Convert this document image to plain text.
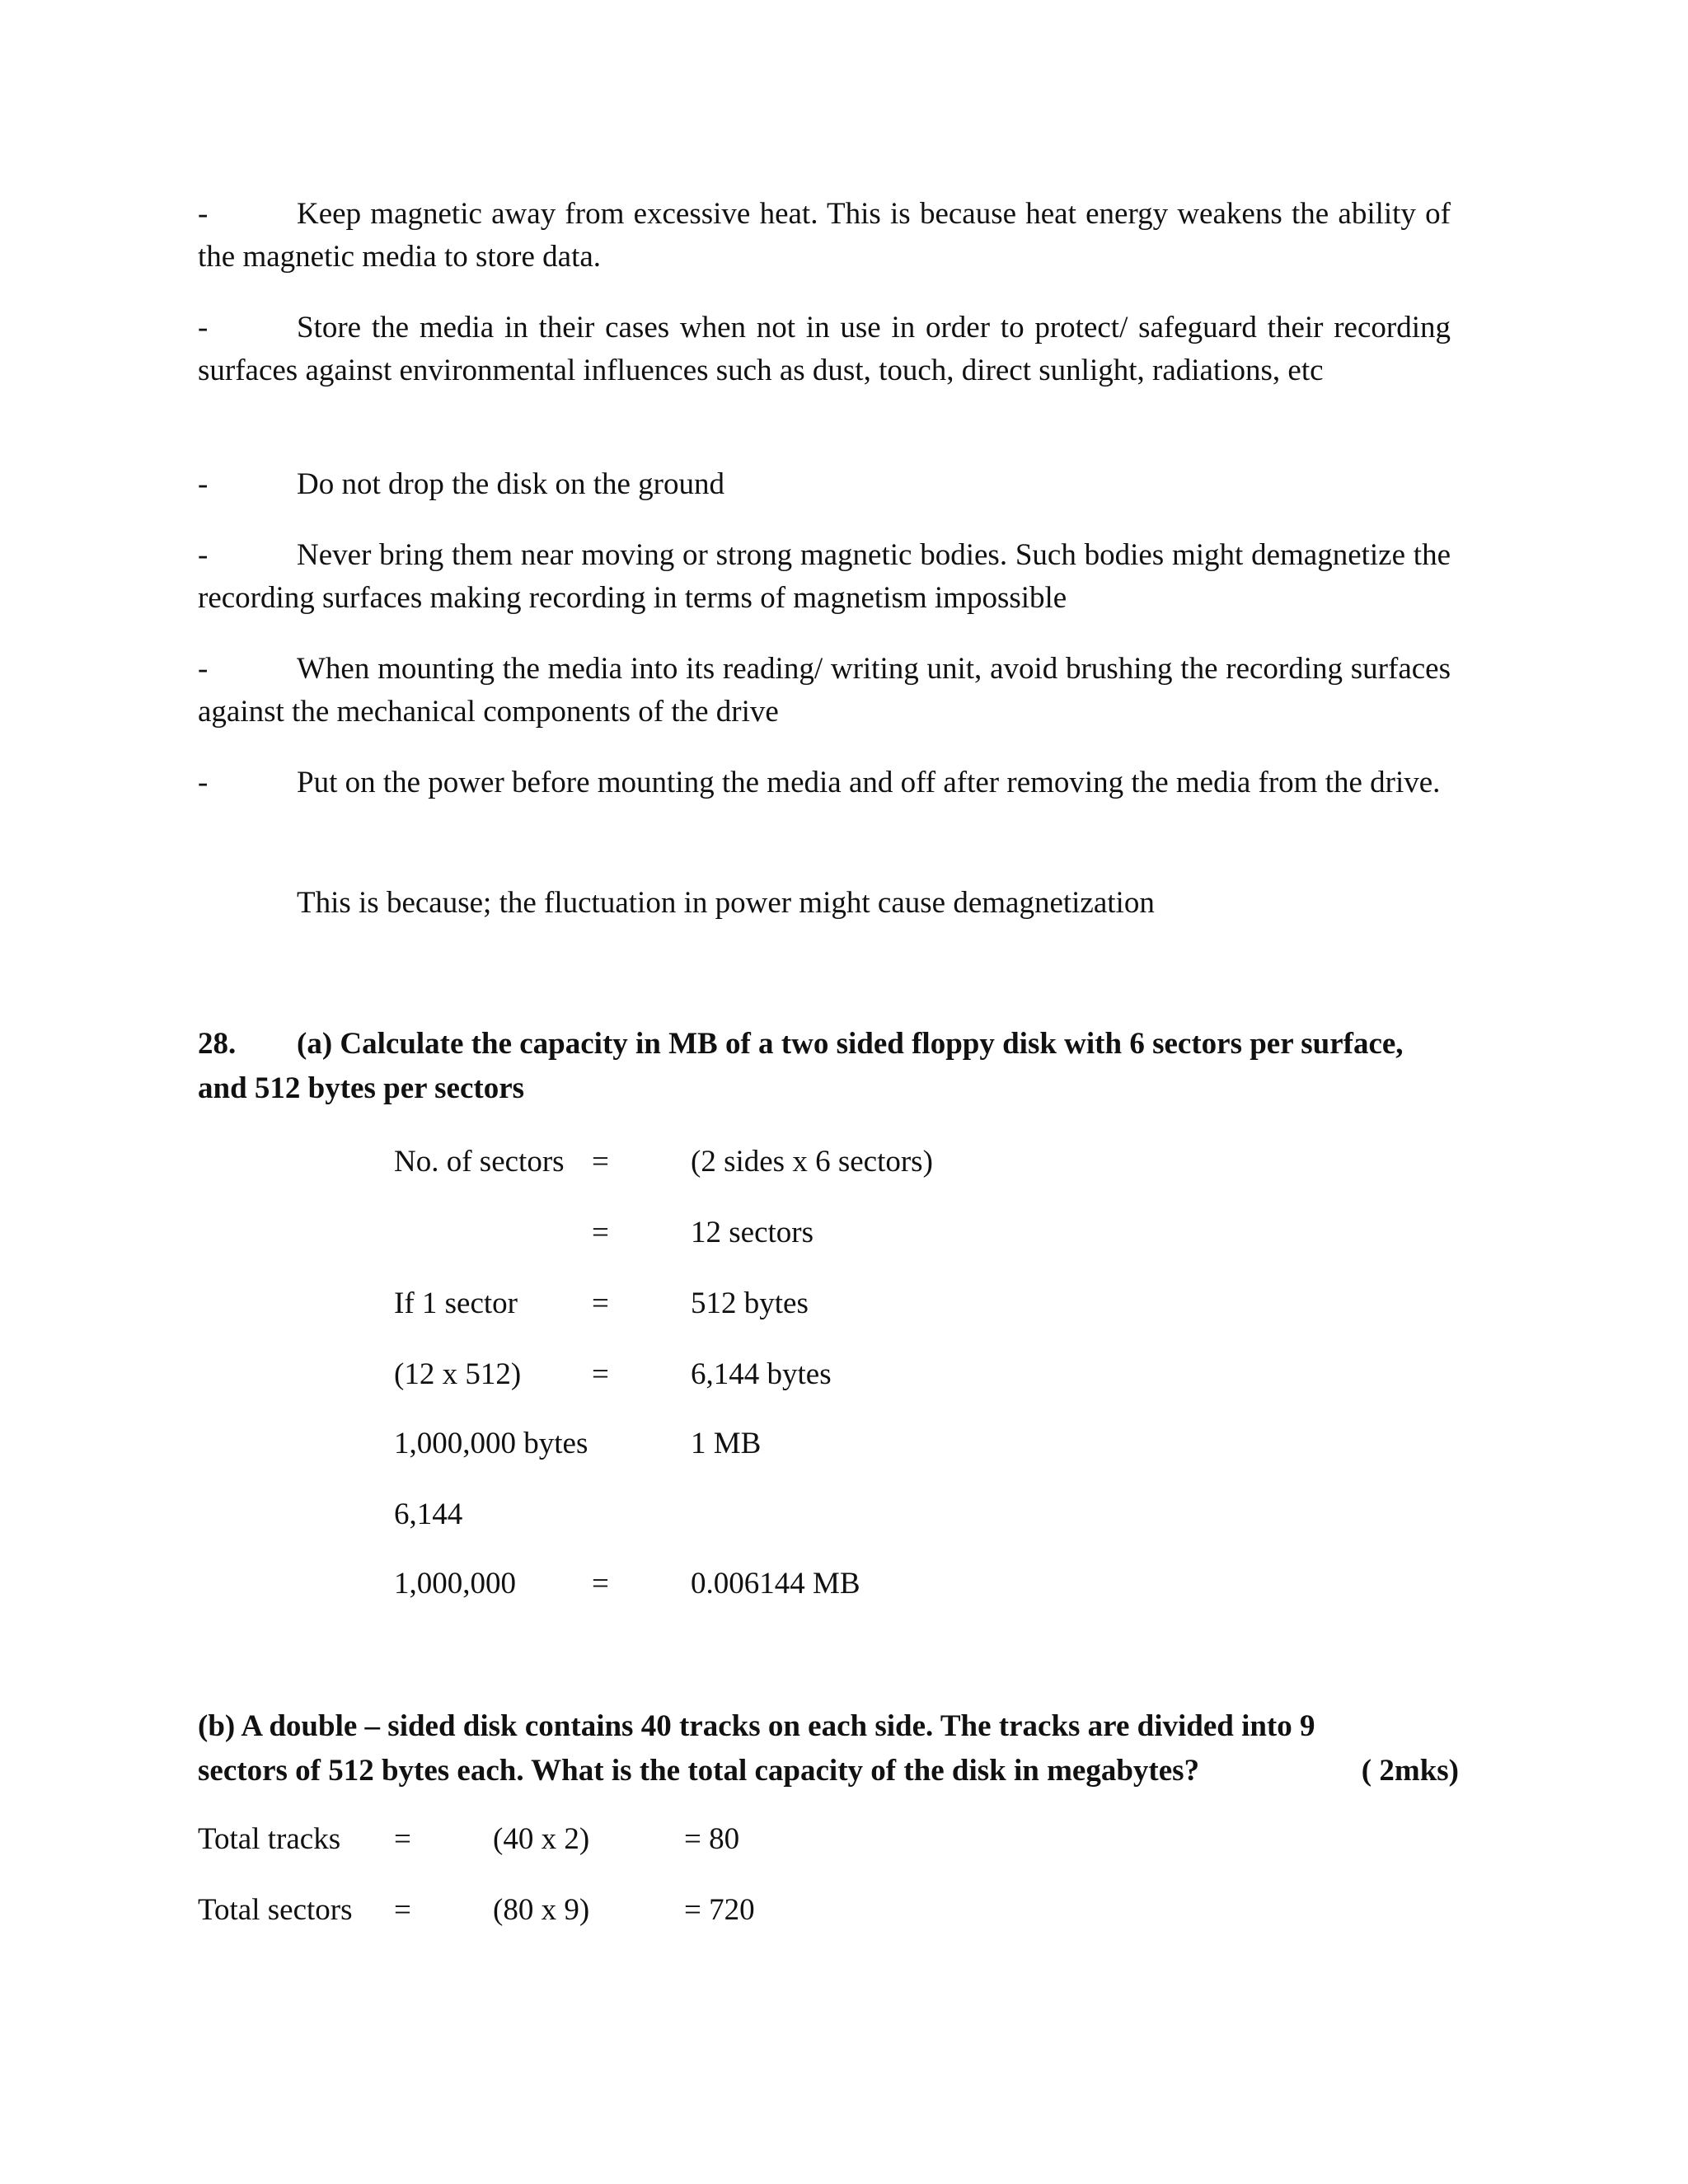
-	Keep magnetic away from excessive heat. This is because heat energy weakens the ability of the magnetic media to store data.
-	Store the media in their cases when not in use in order to protect/ safeguard their recording surfaces against environmental influences such as dust, touch, direct sunlight, radiations, etc
-	Do not drop the disk on the ground
-	Never bring them near moving or strong magnetic bodies. Such bodies might demagnetize the recording surfaces making recording in terms of magnetism impossible
-	When mounting the media into its reading/ writing unit, avoid brushing the recording surfaces against the mechanical components of the drive
-	Put on the power before mounting the media and off after removing the media from the drive.
This is because; the fluctuation in power might cause demagnetization
28. (a) Calculate the capacity in MB of a two sided floppy disk with 6 sectors per surface, and 512 bytes per sectors
No. of sectors =	(2 sides x 6 sectors)
=	12 sectors
If 1 sector =	512 bytes
(12 x 512) =	6,144 bytes
1,000,000 bytes	1 MB
6,144
1,000,000 =	0.006144 MB
(b) A double – sided disk contains 40 tracks on each side. The tracks are divided into 9
sectors of 512 bytes each. What is the total capacity of the disk in megabytes?	( 2mks)
Total tracks =	(40 x 2)	= 80
Total sectors =	(80 x 9)	= 720
